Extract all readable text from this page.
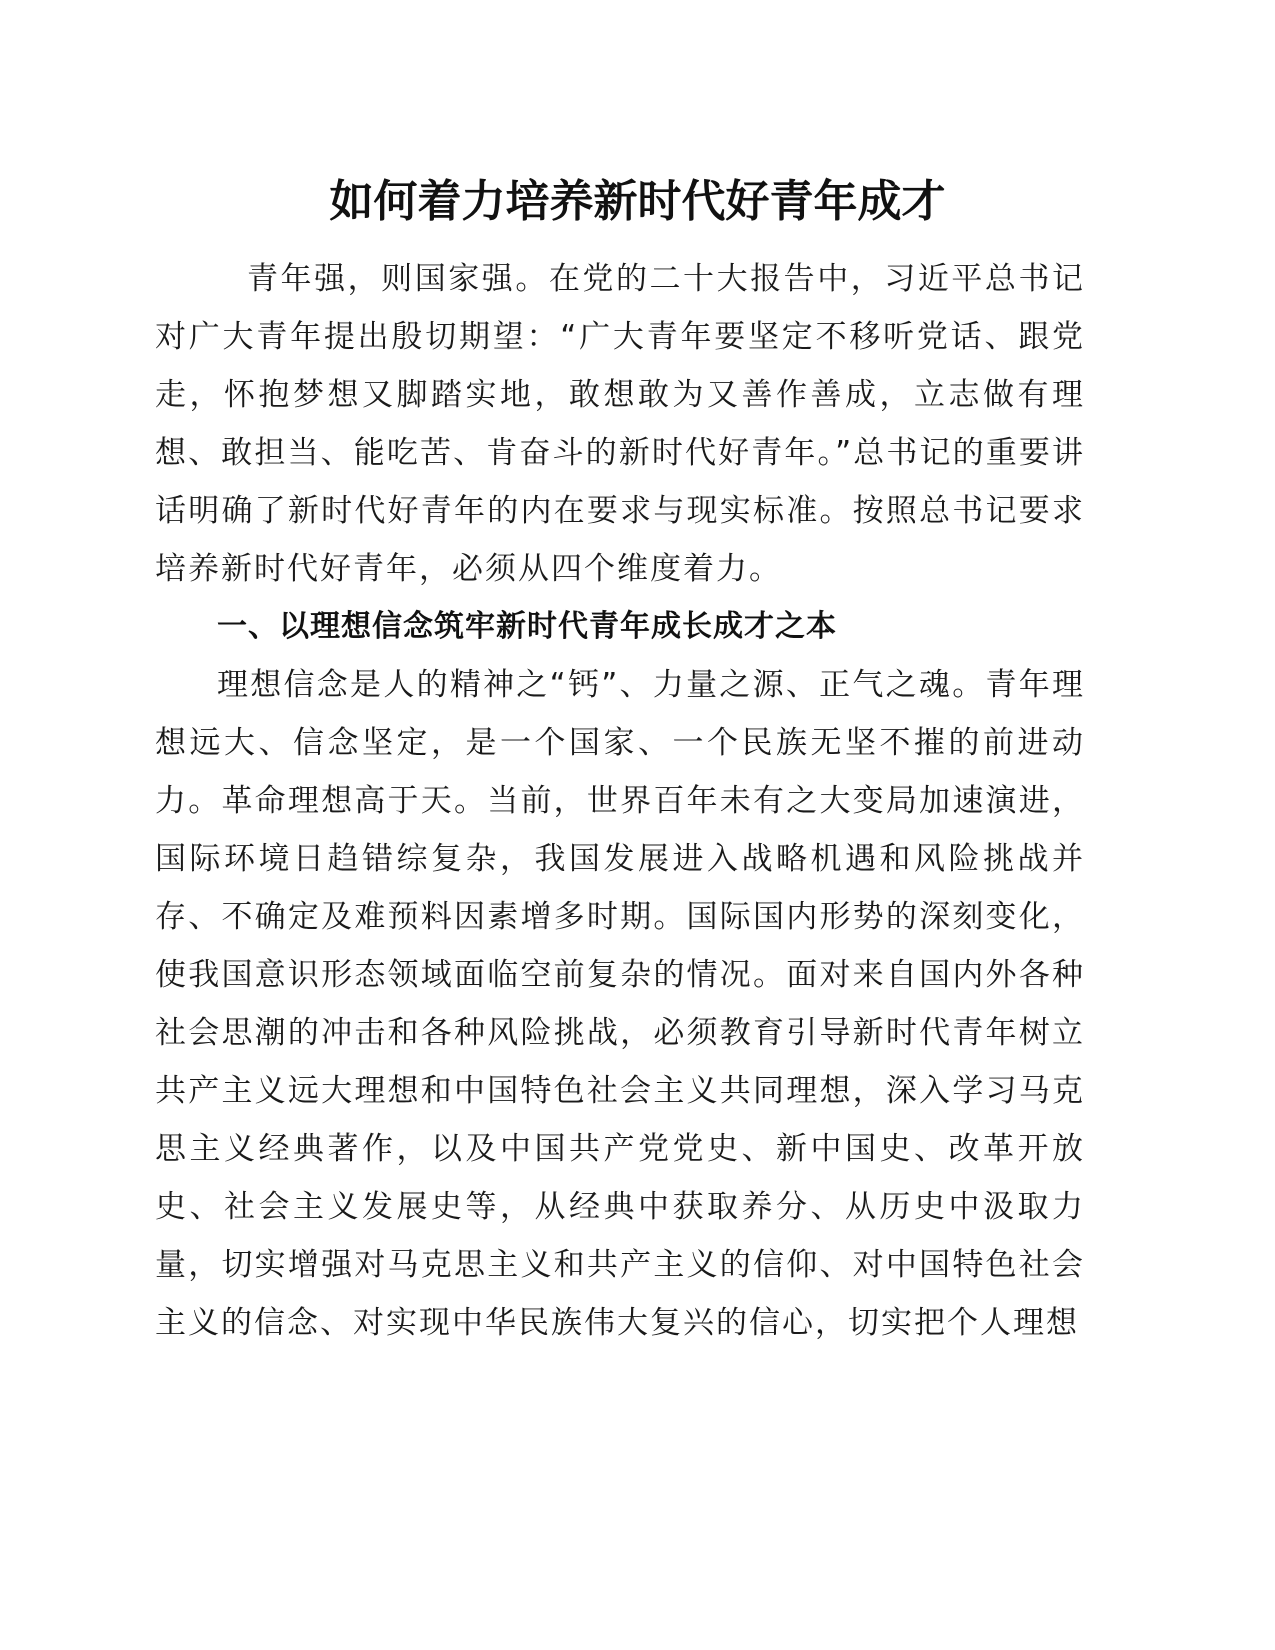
如何着力培养新时代好青年成才

青年强，则国家强。在党的二十大报告中，习近平总书记对广大青年提出殷切期望：“广大青年要坚定不移听党话、跟党走，怀抱梦想又脚踏实地，敢想敢为又善作善成，立志做有理想、敢担当、能吃苦、肯奋斗的新时代好青年。”总书记的重要讲话明确了新时代好青年的内在要求与现实标准。按照总书记要求培养新时代好青年，必须从四个维度着力。

一、以理想信念筑牢新时代青年成长成才之本

理想信念是人的精神之“钙”、力量之源、正气之魂。青年理想远大、信念坚定，是一个国家、一个民族无坚不摧的前进动力。革命理想高于天。当前，世界百年未有之大变局加速演进，国际环境日趋错综复杂，我国发展进入战略机遇和风险挑战并存、不确定及难预料因素增多时期。国际国内形势的深刻变化，使我国意识形态领域面临空前复杂的情况。面对来自国内外各种社会思潮的冲击和各种风险挑战，必须教育引导新时代青年树立共产主义远大理想和中国特色社会主义共同理想，深入学习马克思主义经典著作，以及中国共产党党史、新中国史、改革开放史、社会主义发展史等，从经典中获取养分、从历史中汲取力量，切实增强对马克思主义和共产主义的信仰、对中国特色社会主义的信念、对实现中华民族伟大复兴的信心，切实把个人理想
